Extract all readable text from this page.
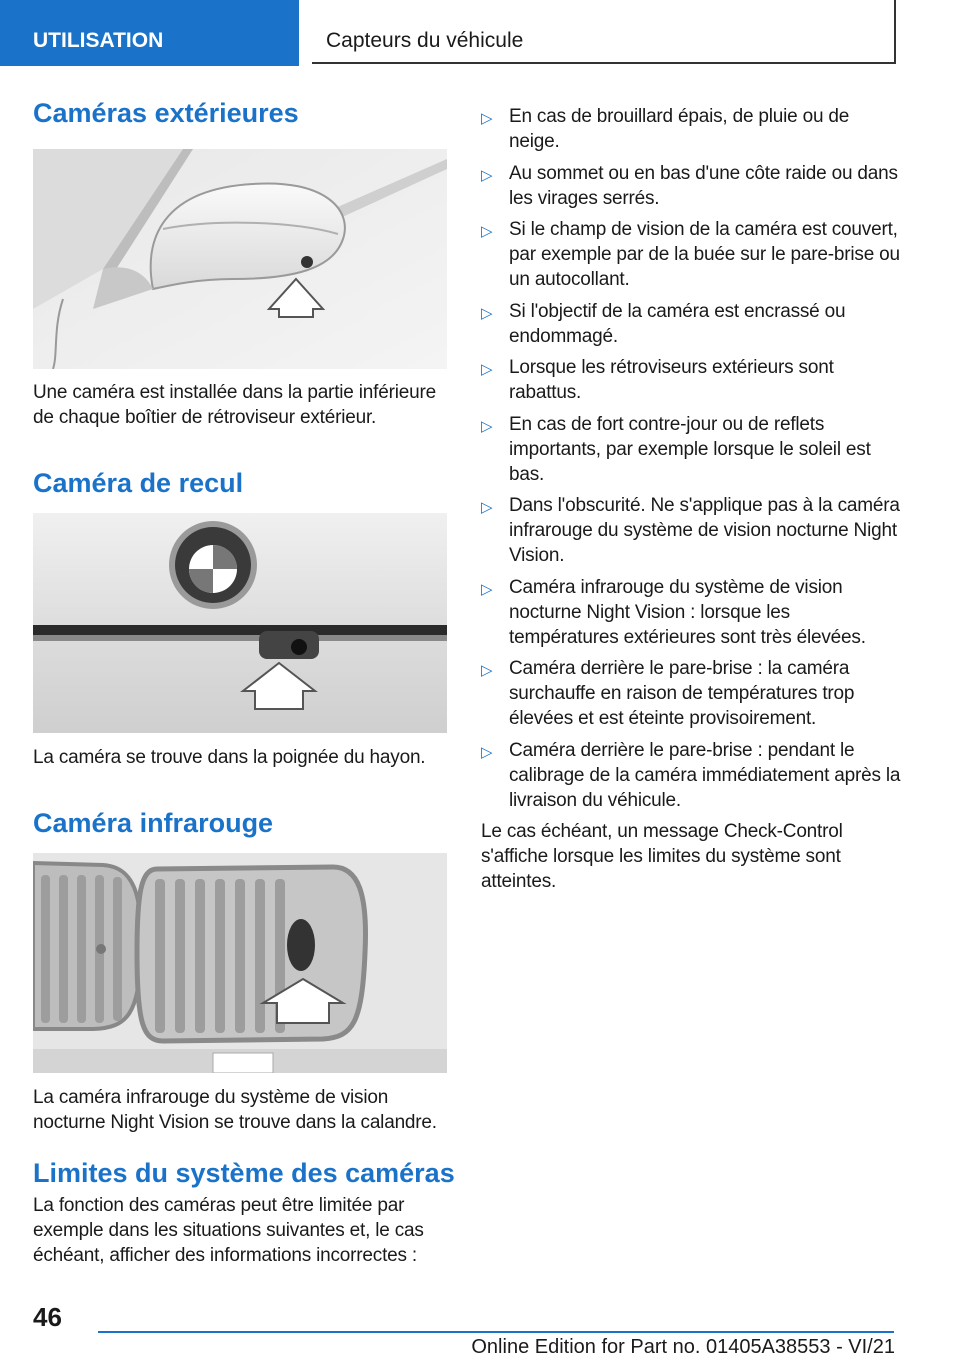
UTILISATION	Capteurs du véhicule
Caméras extérieures

Une caméra est installée dans la partie inférieure de chaque boîtier de rétroviseur extérieur.

Caméra de recul

La caméra se trouve dans la poignée du hayon.

Caméra infrarouge

La caméra infrarouge du système de vision nocturne Night Vision se trouve dans la calandre.

Limites du système des caméras

La fonction des caméras peut être limitée par exemple dans les situations suivantes et, le cas échéant, afficher des informations incorrectes :

▷ En cas de brouillard épais, de pluie ou de neige.
▷ Au sommet ou en bas d'une côte raide ou dans les virages serrés.
▷ Si le champ de vision de la caméra est couvert, par exemple par de la buée sur le pare-brise ou un autocollant.
▷ Si l'objectif de la caméra est encrassé ou endommagé.
▷ Lorsque les rétroviseurs extérieurs sont rabattus.
▷ En cas de fort contre-jour ou de reflets importants, par exemple lorsque le soleil est bas.
▷ Dans l'obscurité. Ne s'applique pas à la caméra infrarouge du système de vision nocturne Night Vision.
▷ Caméra infrarouge du système de vision nocturne Night Vision : lorsque les températures extérieures sont très élevées.
▷ Caméra derrière le pare-brise : la caméra surchauffe en raison de températures trop élevées et est éteinte provisoirement.
▷ Caméra derrière le pare-brise : pendant le calibrage de la caméra immédiatement après la livraison du véhicule.

Le cas échéant, un message Check-Control s'affiche lorsque les limites du système sont atteintes.

46
Online Edition for Part no. 01405A38553 - VI/21
